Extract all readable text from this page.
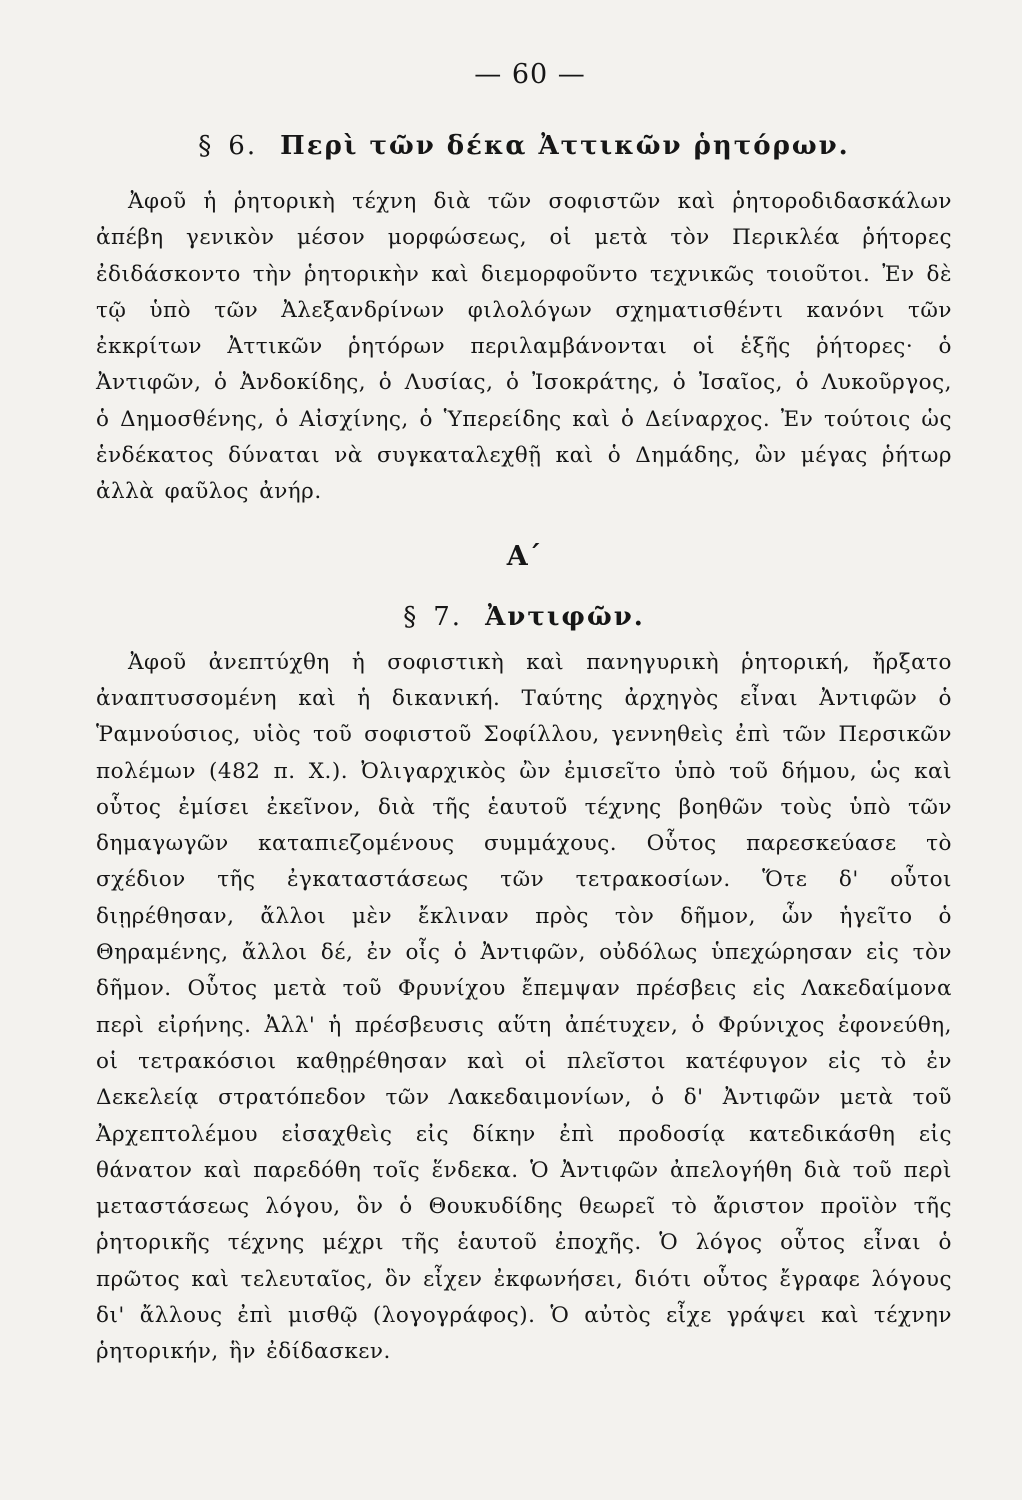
— 60 —
§ 6. Περὶ τῶν δέκα Ἀττικῶν ῥητόρων.

Ἀφοῦ ἡ ῥητορικὴ τέχνη διὰ τῶν σοφιστῶν καὶ ῥητοροδιδασκάλων ἀπέβη γενικὸν μέσον μορφώσεως, οἱ μετὰ τὸν Περικλέα ῥήτορες ἐδιδάσκοντο τὴν ῥητορικὴν καὶ διεμορφοῦντο τεχνικῶς τοιοῦτοι. Ἐν δὲ τῷ ὑπὸ τῶν Ἀλεξανδρίνων φιλολόγων σχηματισθέντι κανόνι τῶν ἐκκρίτων Ἀττικῶν ῥητόρων περιλαμβάνονται οἱ ἑξῆς ῥήτορες· ὁ Ἀντιφῶν, ὁ Ἀνδοκίδης, ὁ Λυσίας, ὁ Ἰσοκράτης, ὁ Ἰσαῖος, ὁ Λυκοῦργος, ὁ Δημοσθένης, ὁ Αἰσχίνης, ὁ Ὑπερείδης καὶ ὁ Δείναρχος. Ἐν τούτοις ὡς ἑνδέκατος δύναται νὰ συγκαταλεχθῇ καὶ ὁ Δημάδης, ὢν μέγας ῥήτωρ ἀλλὰ φαῦλος ἀνήρ.

Α΄
§ 7. Ἀντιφῶν.

Ἀφοῦ ἀνεπτύχθη ἡ σοφιστικὴ καὶ πανηγυρικὴ ῥητορική, ἤρξατο ἀναπτυσσομένη καὶ ἡ δικανική. Ταύτης ἀρχηγὸς εἶναι Ἀντιφῶν ὁ Ῥαμνούσιος, υἱὸς τοῦ σοφιστοῦ Σοφίλλου, γεννηθεὶς ἐπὶ τῶν Περσικῶν πολέμων (482 π. Χ.). Ὀλιγαρχικὸς ὢν ἐμισεῖτο ὑπὸ τοῦ δήμου, ὡς καὶ οὗτος ἐμίσει ἐκεῖνον, διὰ τῆς ἑαυτοῦ τέχνης βοηθῶν τοὺς ὑπὸ τῶν δημαγωγῶν καταπιεζομένους συμμάχους. Οὗτος παρεσκεύασε τὸ σχέδιον τῆς ἐγκαταστάσεως τῶν τετρακοσίων. Ὅτε δ' οὗτοι διῃρέθησαν, ἄλλοι μὲν ἔκλιναν πρὸς τὸν δῆμον, ὧν ἡγεῖτο ὁ Θηραμένης, ἄλλοι δέ, ἐν οἷς ὁ Ἀντιφῶν, οὐδόλως ὑπεχώρησαν εἰς τὸν δῆμον. Οὗτος μετὰ τοῦ Φρυνίχου ἔπεμψαν πρέσβεις εἰς Λακεδαίμονα περὶ εἰρήνης. Ἀλλ' ἡ πρέσβευσις αὕτη ἀπέτυχεν, ὁ Φρύνιχος ἐφονεύθη, οἱ τετρακόσιοι καθῃρέθησαν καὶ οἱ πλεῖστοι κατέφυγον εἰς τὸ ἐν Δεκελείᾳ στρατόπεδον τῶν Λακεδαιμονίων, ὁ δ' Ἀντιφῶν μετὰ τοῦ Ἀρχεπτολέμου εἰσαχθεὶς εἰς δίκην ἐπὶ προδοσίᾳ κατεδικάσθη εἰς θάνατον καὶ παρεδόθη τοῖς ἕνδεκα. Ὁ Ἀντιφῶν ἀπελογήθη διὰ τοῦ περὶ μεταστάσεως λόγου, ὃν ὁ Θουκυδίδης θεωρεῖ τὸ ἄριστον προϊὸν τῆς ῥητορικῆς τέχνης μέχρι τῆς ἑαυτοῦ ἐποχῆς. Ὁ λόγος οὗτος εἶναι ὁ πρῶτος καὶ τελευταῖος, ὃν εἶχεν ἐκφωνήσει, διότι οὗτος ἔγραφε λόγους δι' ἄλλους ἐπὶ μισθῷ (λογογράφος). Ὁ αὐτὸς εἶχε γράψει καὶ τέχνην ῥητορικήν, ἣν ἐδίδασκεν.
